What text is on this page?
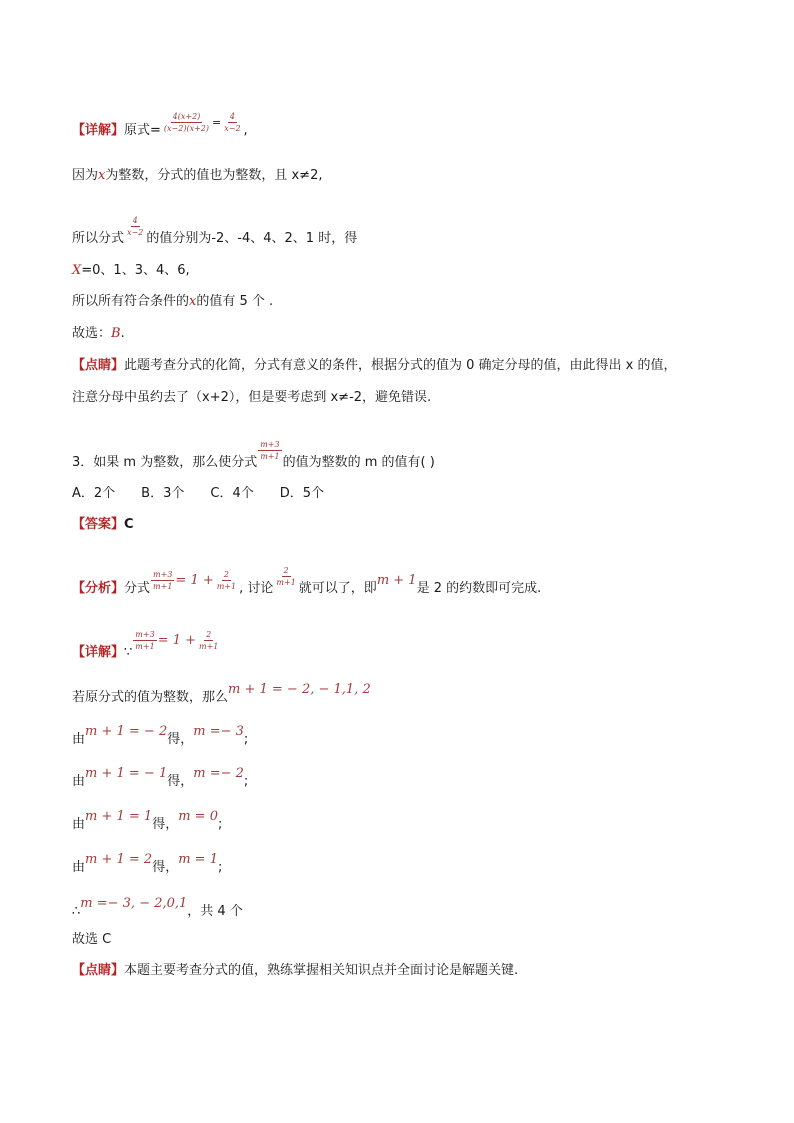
【详解】原式= $\frac{4(x+2)}{(x-2)(x+2)} ^= \frac{4}{x-2}$ ,
因为x为整数，分式的值也为整数，且 x≠2,
所以分式
$\frac{4}{x-2}$
的值分别为-2、-4、4、2、1 时，得
X=0、1、3、4、6,
所以所有符合条件的x的值有 5 个 .
故选：B.
【点睛】此题考查分式的化简，分式有意义的条件，根据分式的值为 0 确定分母的值，由此得出 x 的值，
注意分母中虽约去了（x+2），但是要考虑到 x≠-2，避免错误.
3．如果 m 为整数，那么使分式
$\frac{m+3}{m+1}$
的值为整数的 m 的值有( )
A．2个 B．3个 C．4个 D．5个
【答案】C
【分析】分式 $\frac{m+3}{m+1} = 1 + \frac{2}{m+1}$ , 讨论
$\frac{2}{m+1}$
就可以了，即m + 1是 2 的约数即可完成.
【详解】∵
$\frac{m+3}{m+1} = 1 + \frac{2}{m+1}$
若原分式的值为整数，那么m + 1 = − 2, − 1,1, 2
由m + 1 = − 2得，m =− 3;
由m + 1 = − 1得，m =− 2;
由m + 1 = 1得，m = 0;
由m + 1 = 2得，m = 1;
∴m =− 3, − 2,0,1，共 4 个
故选 C
【点睛】本题主要考查分式的值，熟练掌握相关知识点并全面讨论是解题关键.
